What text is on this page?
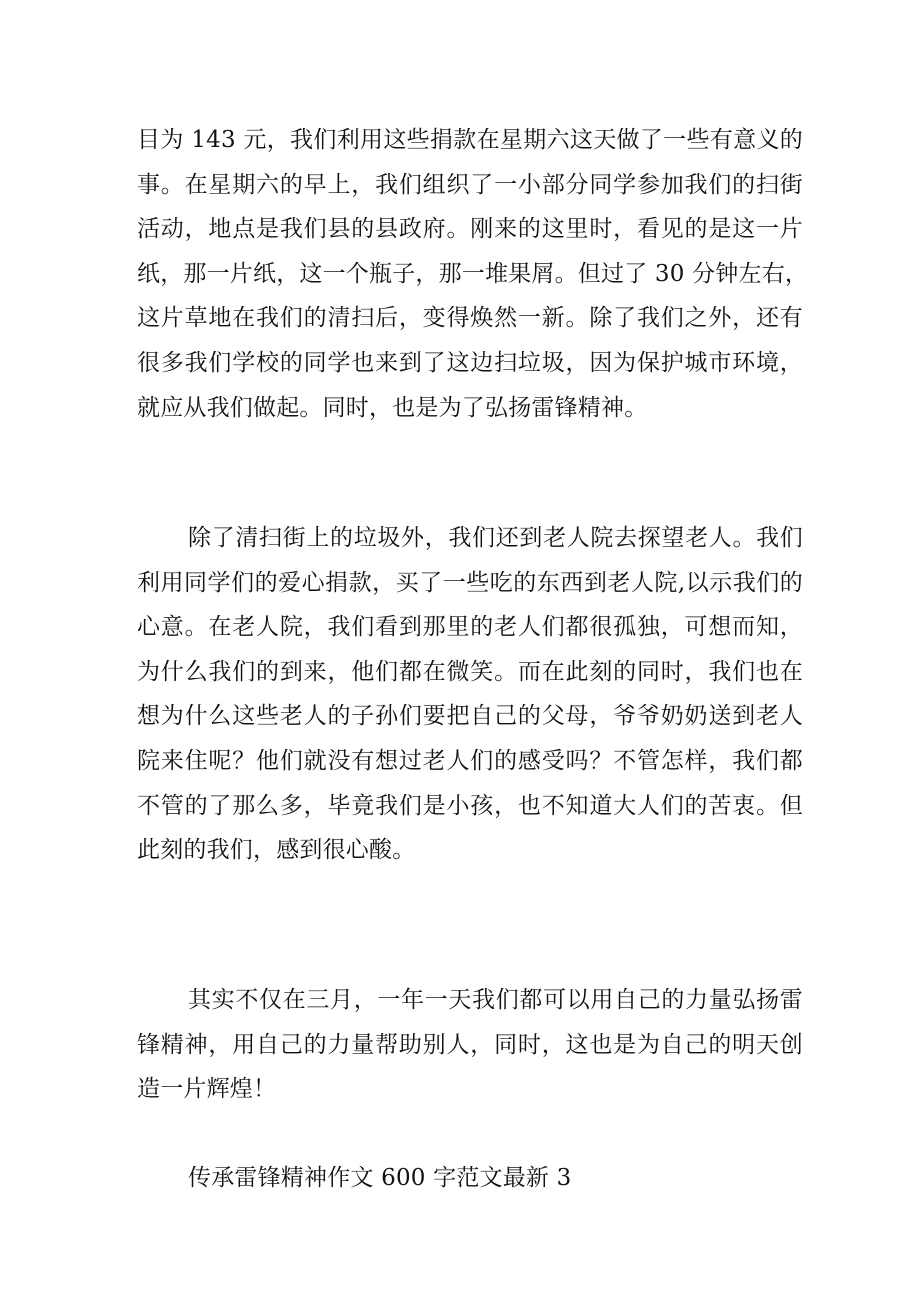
目为 143 元，我们利用这些捐款在星期六这天做了一些有意义的
事。在星期六的早上，我们组织了一小部分同学参加我们的扫街
活动，地点是我们县的县政府。刚来的这里时，看见的是这一片
纸，那一片纸，这一个瓶子，那一堆果屑。但过了 30 分钟左右，
这片草地在我们的清扫后，变得焕然一新。除了我们之外，还有
很多我们学校的同学也来到了这边扫垃圾，因为保护城市环境，
就应从我们做起。同时，也是为了弘扬雷锋精神。
除了清扫街上的垃圾外，我们还到老人院去探望老人。我们
利用同学们的爱心捐款，买了一些吃的东西到老人院,以示我们的
心意。在老人院，我们看到那里的老人们都很孤独，可想而知，
为什么我们的到来，他们都在微笑。而在此刻的同时，我们也在
想为什么这些老人的子孙们要把自己的父母，爷爷奶奶送到老人
院来住呢？他们就没有想过老人们的感受吗？不管怎样，我们都
不管的了那么多，毕竟我们是小孩，也不知道大人们的苦衷。但
此刻的我们，感到很心酸。
其实不仅在三月，一年一天我们都可以用自己的力量弘扬雷
锋精神，用自己的力量帮助别人，同时，这也是为自己的明天创
造一片辉煌！
传承雷锋精神作文 600 字范文最新 3
